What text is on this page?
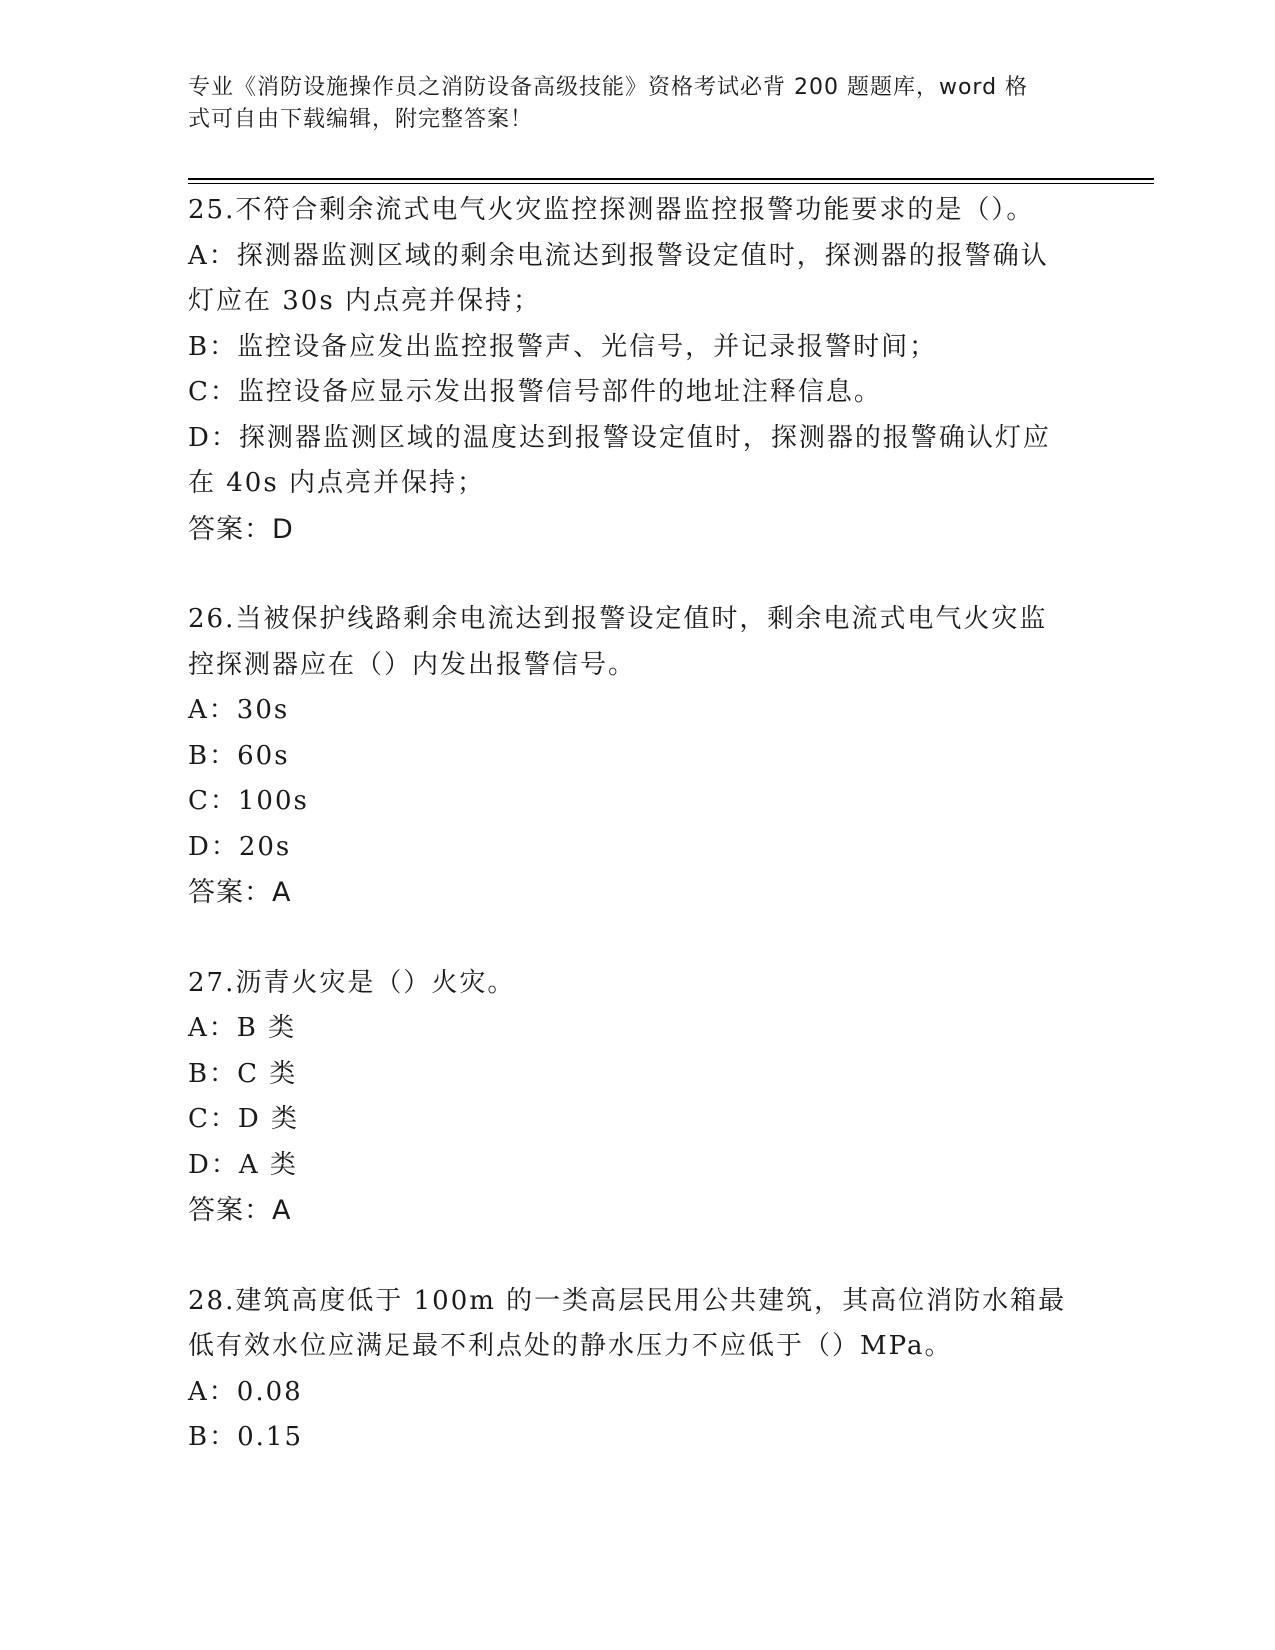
专业《消防设施操作员之消防设备高级技能》资格考试必背 200 题题库，word 格
式可自由下载编辑，附完整答案！
25.不符合剩余流式电气火灾监控探测器监控报警功能要求的是（）。
A：探测器监测区域的剩余电流达到报警设定值时，探测器的报警确认
灯应在 30s 内点亮并保持；
B：监控设备应发出监控报警声、光信号，并记录报警时间；
C：监控设备应显示发出报警信号部件的地址注释信息。
D：探测器监测区域的温度达到报警设定值时，探测器的报警确认灯应
在 40s 内点亮并保持；
答案：D
26.当被保护线路剩余电流达到报警设定值时，剩余电流式电气火灾监
控探测器应在（）内发出报警信号。
A：30s
B：60s
C：100s
D：20s
答案：A
27.沥青火灾是（）火灾。
A：B 类
B：C 类
C：D 类
D：A 类
答案：A
28.建筑高度低于 100m 的一类高层民用公共建筑，其高位消防水箱最
低有效水位应满足最不利点处的静水压力不应低于（）MPa。
A：0.08
B：0.15
